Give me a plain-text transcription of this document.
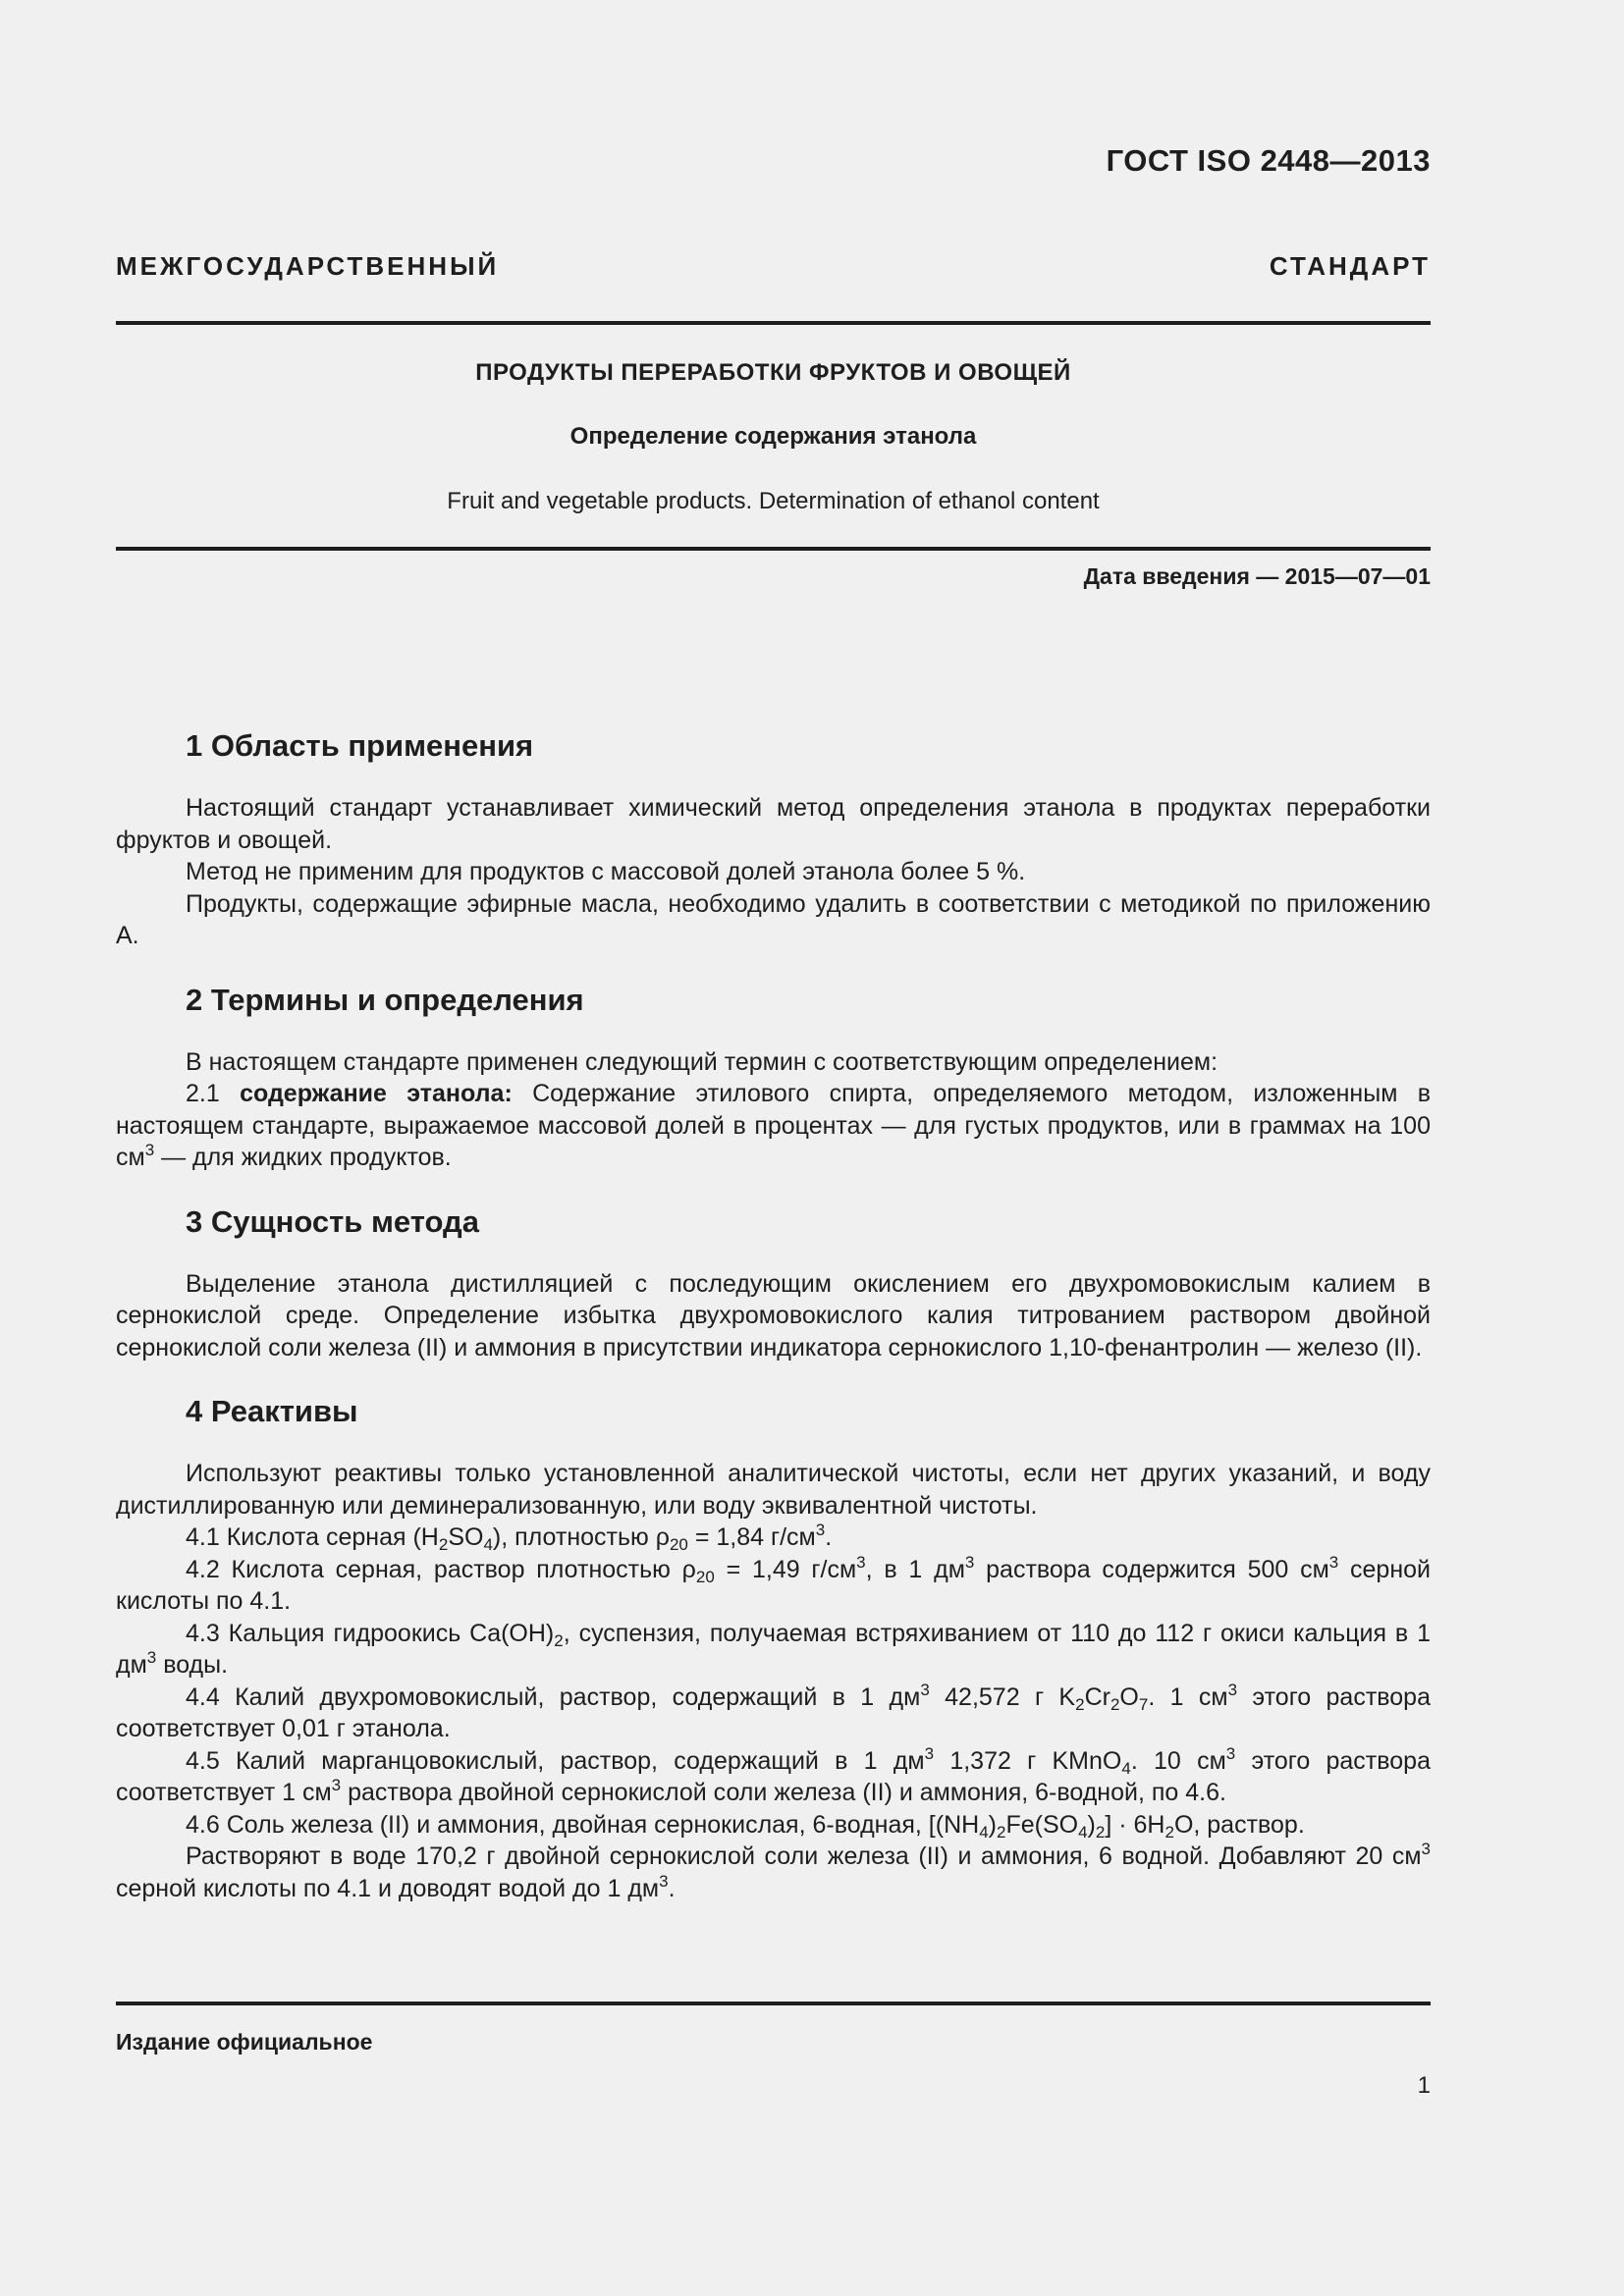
ГОСТ ISO 2448—2013
МЕЖГОСУДАРСТВЕННЫЙ СТАНДАРТ
ПРОДУКТЫ ПЕРЕРАБОТКИ ФРУКТОВ И ОВОЩЕЙ
Определение содержания этанола
Fruit and vegetable products. Determination of ethanol content
Дата введения — 2015—07—01
1 Область применения

Настоящий стандарт устанавливает химический метод определения этанола в продуктах переработки фруктов и овощей.

Метод не применим для продуктов с массовой долей этанола более 5 %.

Продукты, содержащие эфирные масла, необходимо удалить в соответствии с методикой по приложению А.

2 Термины и определения

В настоящем стандарте применен следующий термин с соответствующим определением:

2.1 содержание этанола: Содержание этилового спирта, определяемого методом, изложенным в настоящем стандарте, выражаемое массовой долей в процентах — для густых продуктов, или в граммах на 100 $см^3$ — для жидких продуктов.

3 Сущность метода

Выделение этанола дистилляцией с последующим окислением его двухромовокислым калием в сернокислой среде. Определение избытка двухромовокислого калия титрованием раствором двойной сернокислой соли железа (II) и аммония в присутствии индикатора сернокислого 1,10-фенантролин — железо (II).

4 Реактивы

Используют реактивы только установленной аналитической чистоты, если нет других указаний, и воду дистиллированную или деминерализованную, или воду эквивалентной чистоты.

4.1 Кислота серная $(H_2SO_4)$, плотностью $\rho_{20} = 1,84$ $г/см^3$.

4.2 Кислота серная, раствор плотностью $\rho_{20} = 1,49$ $г/см^3$, в 1 $дм^3$ раствора содержится 500 $см^3$ серной кислоты по 4.1.

4.3 Кальция гидроокись $Ca(OH)_2$, суспензия, получаемая встряхиванием от 110 до 112 г окиси кальция в 1 $дм^3$ воды.

4.4 Калий двухромовокислый, раствор, содержащий в 1 $дм^3$ 42,572 г $K_2Cr_2O_7$. 1 $см^3$ этого раствора соответствует 0,01 г этанола.

4.5 Калий марганцовокислый, раствор, содержащий в 1 $дм^3$ 1,372 г KMnO$_4$. 10 $см^3$ этого раствора соответствует 1 $см^3$ раствора двойной сернокислой соли железа (II) и аммония, 6-водной, по 4.6.

4.6 Соль железа (II) и аммония, двойная сернокислая, 6-водная, $[(NH_4)_2Fe(SO_4)_2] \cdot 6H_2O$, раствор.

Растворяют в воде 170,2 г двойной сернокислой соли железа (II) и аммония, 6 водной. Добавляют 20 $см^3$ серной кислоты по 4.1 и доводят водой до 1 $дм^3$.

Издание официальное
1
